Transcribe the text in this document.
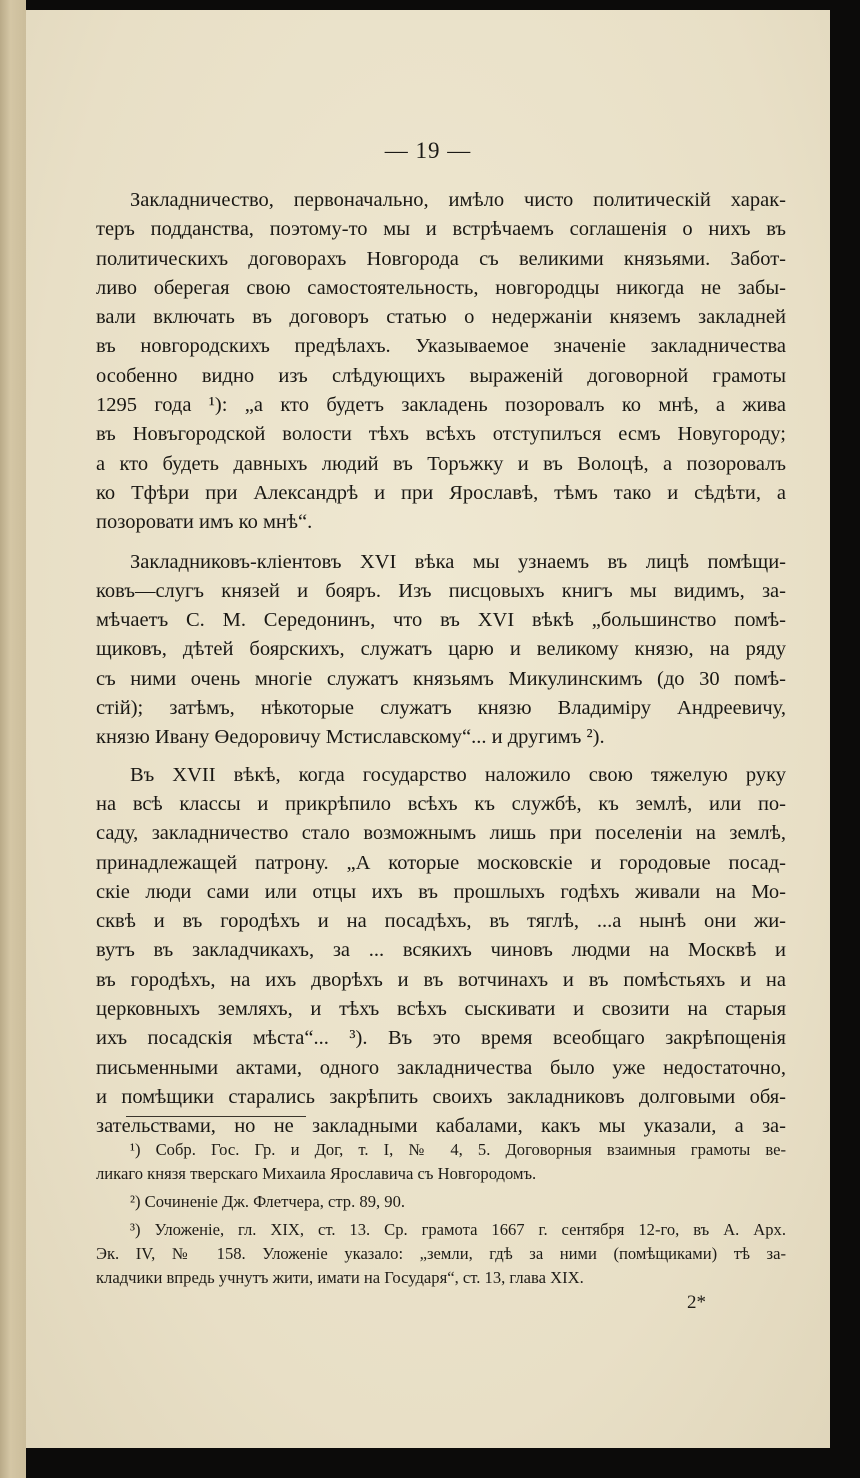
— 19 —
Закладничество, первоначально, имѣло чисто политическій харак-
теръ подданства, поэтому-то мы и встрѣчаемъ соглашенія о нихъ въ
политическихъ договорахъ Новгорода съ великими князьями. Забот-
ливо оберегая свою самостоятельность, новгородцы никогда не забы-
вали включать въ договоръ статью о недержаніи княземъ закладней
въ новгородскихъ предѣлахъ. Указываемое значеніе закладничества
особенно видно изъ слѣдующихъ выраженій договорной грамоты
1295 года ¹): „а кто будетъ закладень позоровалъ ко мнѣ, а жива
въ Новъгородской волости тѣхъ всѣхъ отступилъся есмъ Новугороду;
а кто будеть давныхъ людий въ Торъжку и въ Волоцѣ, а позоровалъ
ко Тфѣри при Александрѣ и при Ярославѣ, тѣмъ тако и сѣдѣти, а
позоровати имъ ко мнѣ“.
Закладниковъ-кліентовъ XVI вѣка мы узнаемъ въ лицѣ помѣщи-
ковъ—слугъ князей и бояръ. Изъ писцовыхъ книгъ мы видимъ, за-
мѣчаетъ С. М. Середонинъ, что въ XVI вѣкѣ „большинство помѣ-
щиковъ, дѣтей боярскихъ, служатъ царю и великому князю, на ряду
съ ними очень многіе служатъ князьямъ Микулинскимъ (до 30 помѣ-
стій); затѣмъ, нѣкоторые служатъ князю Владиміру Андреевичу,
князю Ивану Өедоровичу Мстиславскому“... и другимъ ²).
Въ XVII вѣкѣ, когда государство наложило свою тяжелую руку
на всѣ классы и прикрѣпило всѣхъ къ службѣ, къ землѣ, или по-
саду, закладничество стало возможнымъ лишь при поселеніи на землѣ,
принадлежащей патрону. „А которые московскіе и городовые посад-
скіе люди сами или отцы ихъ въ прошлыхъ годѣхъ живали на Мо-
сквѣ и въ городѣхъ и на посадѣхъ, въ тяглѣ, ...а нынѣ они жи-
вутъ въ закладчикахъ, за ... всякихъ чиновъ людми на Москвѣ и
въ городѣхъ, на ихъ дворѣхъ и въ вотчинахъ и въ помѣстьяхъ и на
церковныхъ земляхъ, и тѣхъ всѣхъ сыскивати и свозити на старыя
ихъ посадскія мѣста“... ³). Въ это время всеобщаго закрѣпощенія
письменными актами, одного закладничества было уже недостаточно,
и помѣщики старались закрѣпить своихъ закладниковъ долговыми обя-
зательствами, но не закладными кабалами, какъ мы указали, а за-
¹) Собр. Гос. Гр. и Дог, т. I, № 4, 5. Договорныя взаимныя грамоты ве-
ликаго князя тверскаго Михаила Ярославича съ Новгородомъ.
²) Сочиненіе Дж. Флетчера, стр. 89, 90.
³) Уложеніе, гл. XIX, ст. 13. Ср. грамота 1667 г. сентября 12-го, въ А. Арх.
Эк. IV, № 158. Уложеніе указало: „земли, гдѣ за ними (помѣщиками) тѣ за-
кладчики впредь учнутъ жити, имати на Государя“, ст. 13, глава XIX.
2*
